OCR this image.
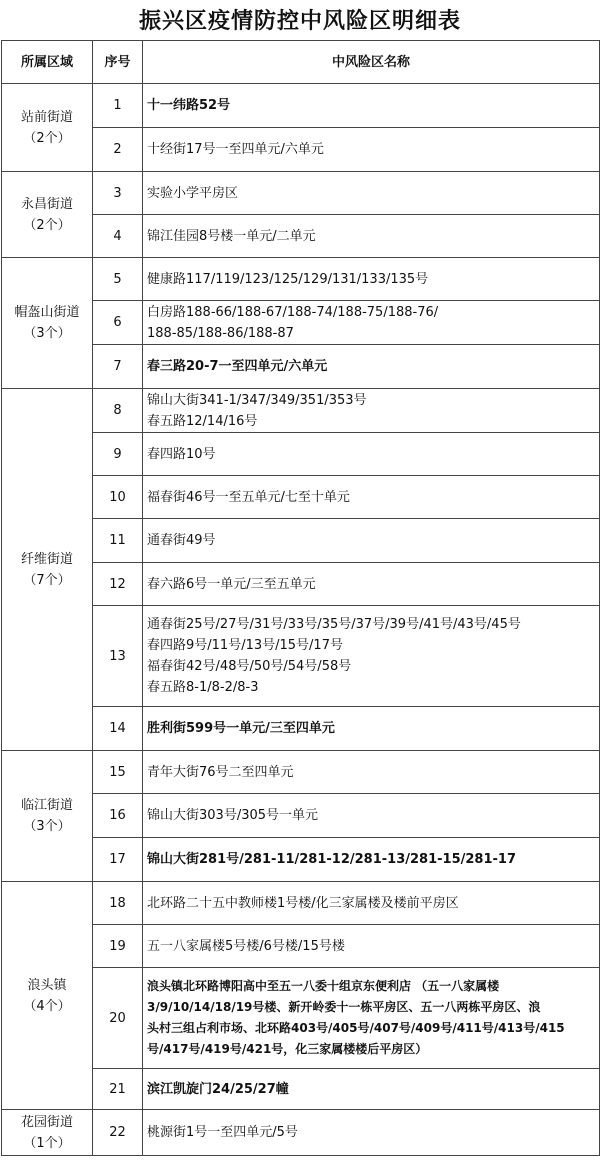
振兴区疫情防控中风险区明细表
所属区域	序号	中风险区名称

站前街道
（2个）	1	十一纬路52号

	2	十经街17号一至四单元/六单元

永昌街道
（2个）	3	实验小学平房区

	4	锦江佳园8号楼一单元/二单元

帽盔山街道
（3个）	5	健康路117/119/123/125/129/131/133/135号

	6	白房路188-66/188-67/188-74/188-75/188-76/
188-85/188-86/188-87

	7	春三路20-7一至四单元/六单元

纤维街道
（7个）	8	锦山大街341-1/347/349/351/353号
春五路12/14/16号

	9	春四路10号

	10	福春街46号一至五单元/七至十单元

	11	通春街49号

	12	春六路6号一单元/三至五单元

	13	通春街25号/27号/31号/33号/35号/37号/39号/41号/43号/45号
春四路9号/11号/13号/15号/17号
福春街42号/48号/50号/54号/58号
春五路8-1/8-2/8-3

	14	胜利街599号一单元/三至四单元

临江街道
（3个）	15	青年大街76号二至四单元

	16	锦山大街303号/305号一单元

	17	锦山大街281号/281-11/281-12/281-13/281-15/281-17

浪头镇
（4个）	18	北环路二十五中教师楼1号楼/化三家属楼及楼前平房区

	19	五一八家属楼5号楼/6号楼/15号楼

	20	浪头镇北环路博阳高中至五一八委十组京东便利店 （五一八家属楼
3/9/10/14/18/19号楼、新开岭委十一栋平房区、五一八两栋平房区、浪
头村三组占利市场、北环路403号/405号/407号/409号/411号/413号/415
号/417号/419号/421号，化三家属楼楼后平房区）

	21	滨江凯旋门24/25/27幢

花园街道
（1个）	22	桃源街1号一至四单元/5号
